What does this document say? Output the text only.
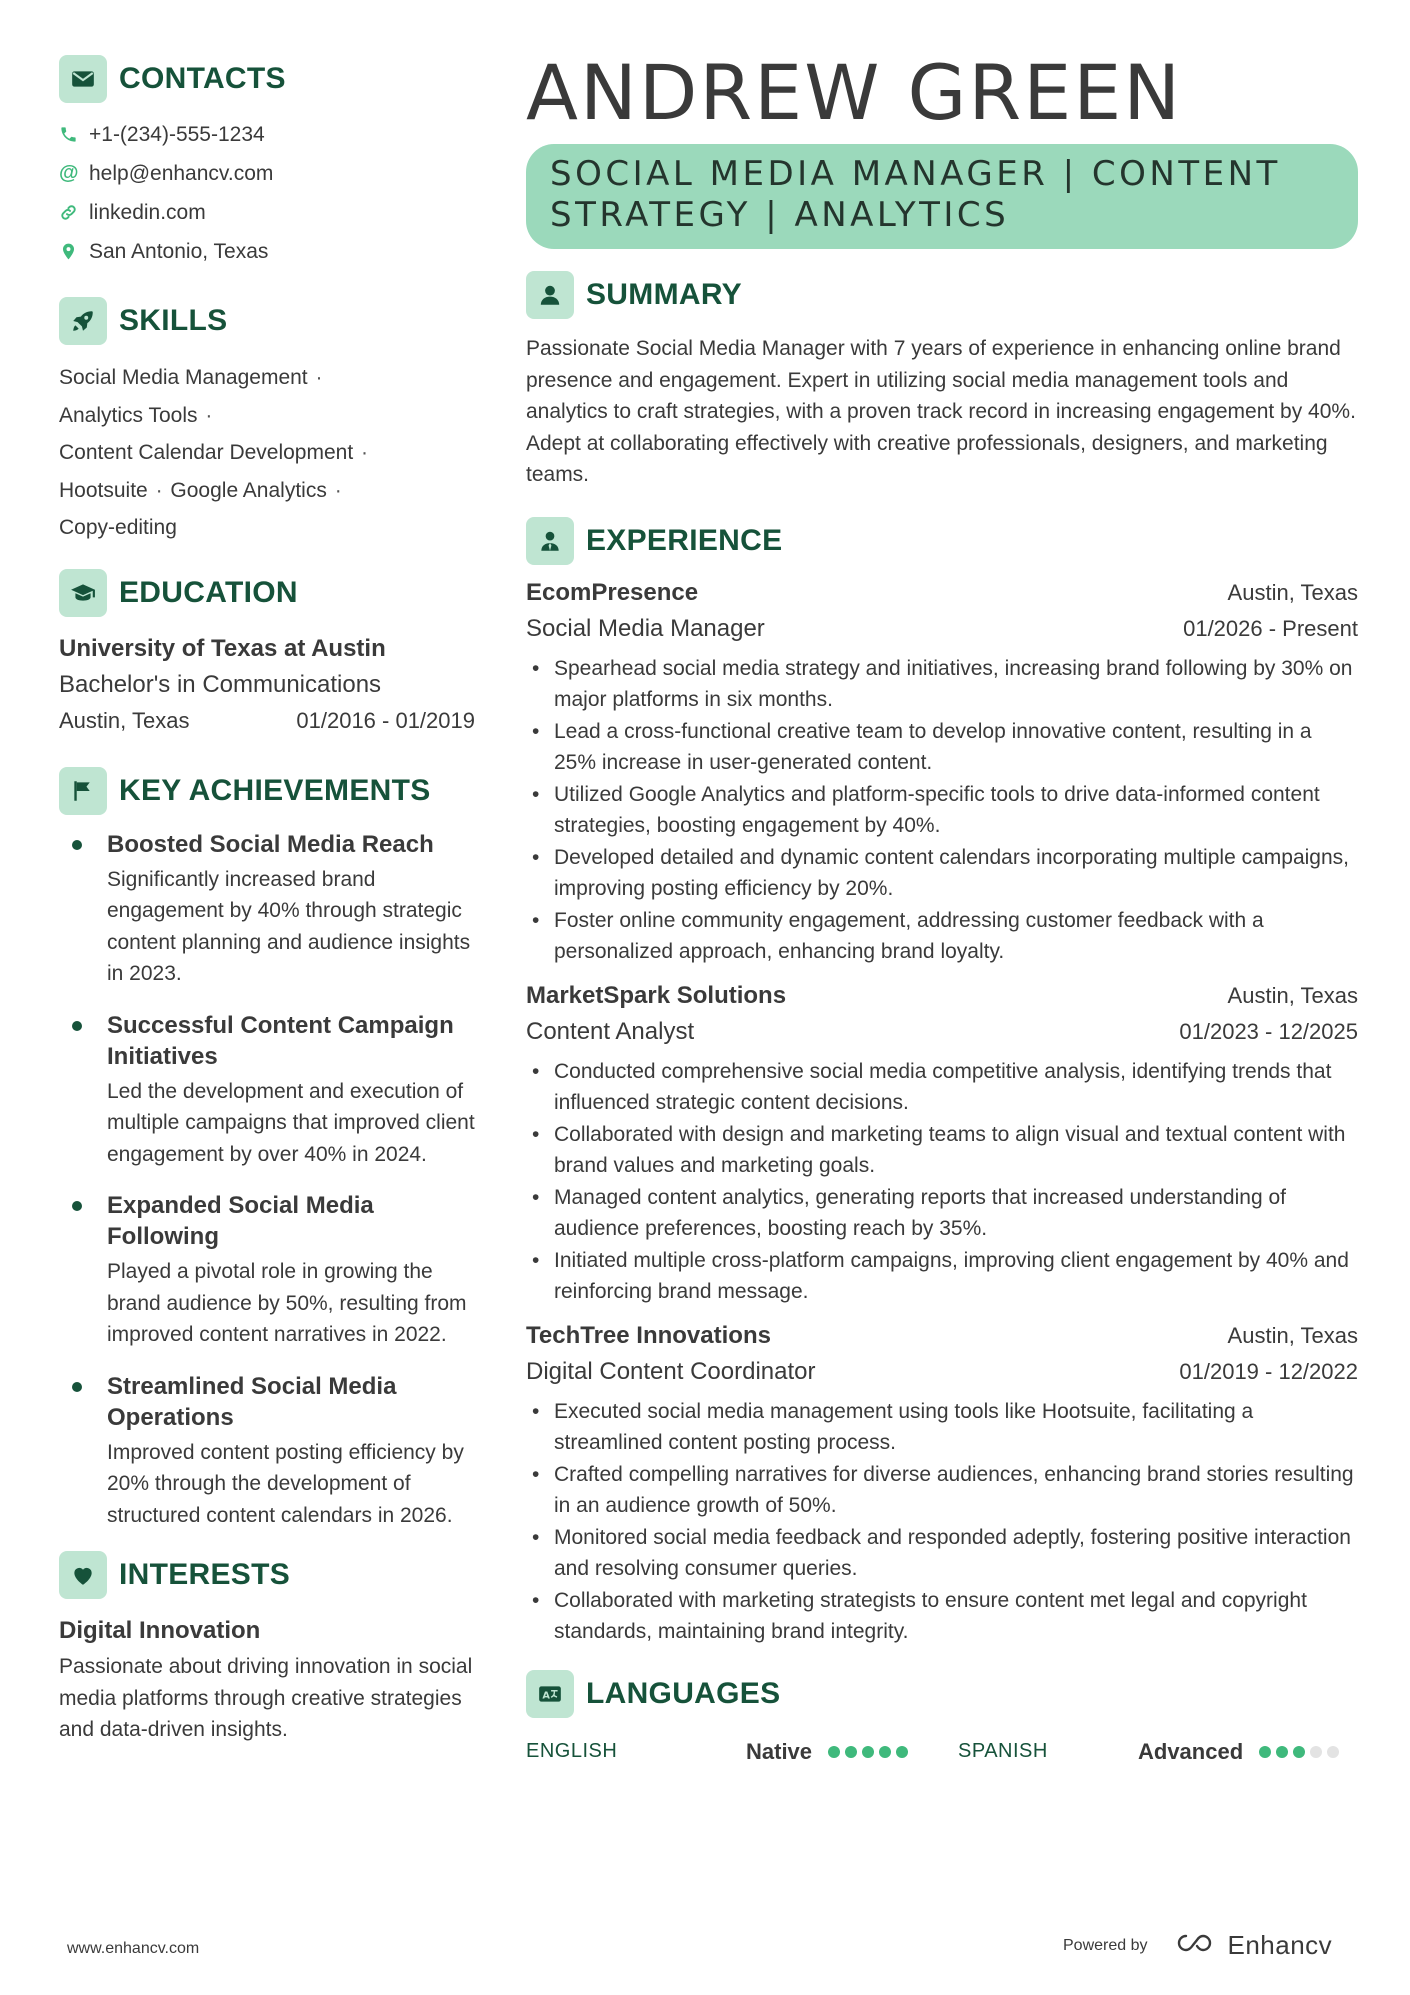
CONTACTS
+1-(234)-555-1234
@ help@enhancv.com
linkedin.com
San Antonio, Texas
SKILLS
Social Media Management ·
Analytics Tools ·
Content Calendar Development ·
Hootsuite · Google Analytics ·
Copy-editing
EDUCATION
University of Texas at Austin
Bachelor's in Communications
Austin, Texas	01/2016 - 01/2019
KEY ACHIEVEMENTS
Boosted Social Media Reach
Significantly increased brand engagement by 40% through strategic content planning and audience insights in 2023.
Successful Content Campaign Initiatives
Led the development and execution of multiple campaigns that improved client engagement by over 40% in 2024.
Expanded Social Media Following
Played a pivotal role in growing the brand audience by 50%, resulting from improved content narratives in 2022.
Streamlined Social Media Operations
Improved content posting efficiency by 20% through the development of structured content calendars in 2026.
INTERESTS
Digital Innovation
Passionate about driving innovation in social media platforms through creative strategies and data-driven insights.
ANDREW GREEN
SOCIAL MEDIA MANAGER | CONTENT
STRATEGY | ANALYTICS
SUMMARY
Passionate Social Media Manager with 7 years of experience in enhancing online brand presence and engagement. Expert in utilizing social media management tools and analytics to craft strategies, with a proven track record in increasing engagement by 40%. Adept at collaborating effectively with creative professionals, designers, and marketing teams.
EXPERIENCE
EcomPresence	Austin, Texas
Social Media Manager	01/2026 - Present
• Spearhead social media strategy and initiatives, increasing brand following by 30% on major platforms in six months.
• Lead a cross-functional creative team to develop innovative content, resulting in a 25% increase in user-generated content.
• Utilized Google Analytics and platform-specific tools to drive data-informed content strategies, boosting engagement by 40%.
• Developed detailed and dynamic content calendars incorporating multiple campaigns, improving posting efficiency by 20%.
• Foster online community engagement, addressing customer feedback with a personalized approach, enhancing brand loyalty.
MarketSpark Solutions	Austin, Texas
Content Analyst	01/2023 - 12/2025
• Conducted comprehensive social media competitive analysis, identifying trends that influenced strategic content decisions.
• Collaborated with design and marketing teams to align visual and textual content with brand values and marketing goals.
• Managed content analytics, generating reports that increased understanding of audience preferences, boosting reach by 35%.
• Initiated multiple cross-platform campaigns, improving client engagement by 40% and reinforcing brand message.
TechTree Innovations	Austin, Texas
Digital Content Coordinator	01/2019 - 12/2022
• Executed social media management using tools like Hootsuite, facilitating a streamlined content posting process.
• Crafted compelling narratives for diverse audiences, enhancing brand stories resulting in an audience growth of 50%.
• Monitored social media feedback and responded adeptly, fostering positive interaction and resolving consumer queries.
• Collaborated with marketing strategists to ensure content met legal and copyright standards, maintaining brand integrity.
A LANGUAGES
ENGLISH	Native	SPANISH	Advanced
www.enhancv.com	Powered by	Enhancv
